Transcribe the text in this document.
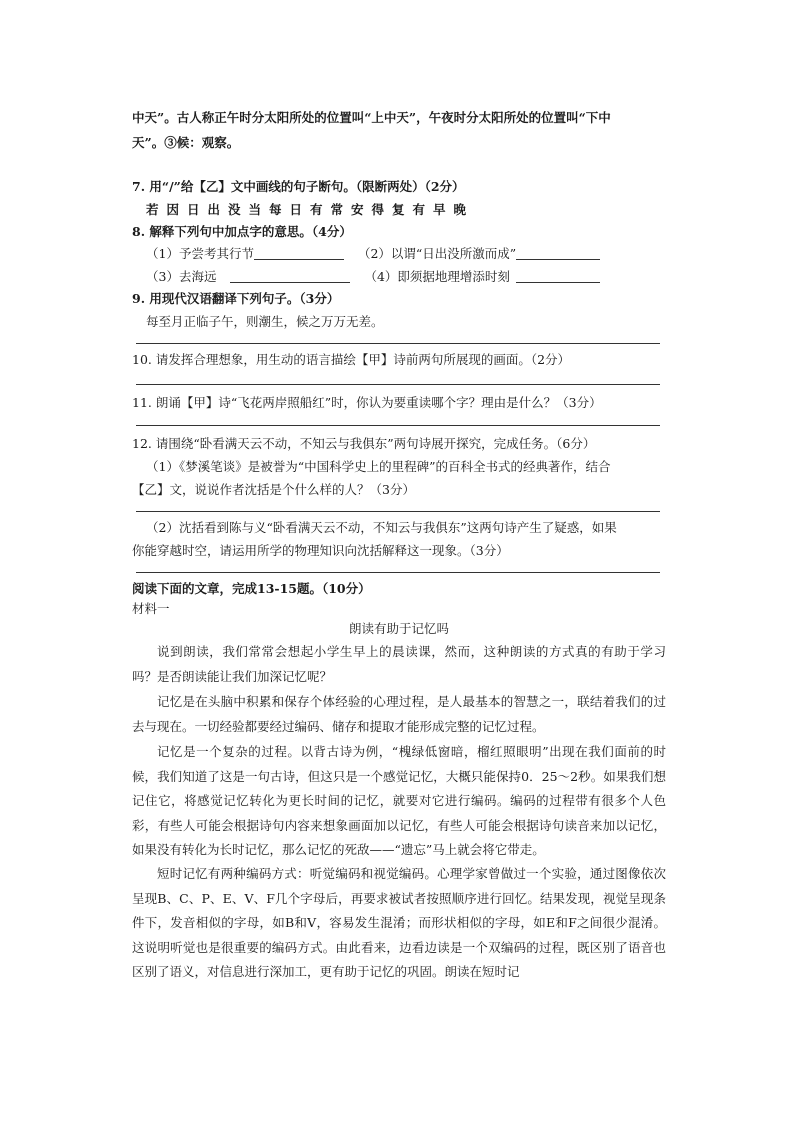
中天”。古人称正午时分太阳所处的位置叫“上中天”，午夜时分太阳所处的位置叫“下中
天”。③候：观察。
7. 用“/”给【乙】文中画线的句子断句。（限断两处）（2分）
若因日出没当每日有常安得复有早晚
8. 解释下列句中加点字的意思。（4分）
（1）予尝考其行节	（2）以谓“日出没所激而成”
（3）去海远	（4）即须据地理增添时刻
9. 用现代汉语翻译下列句子。（3分）
每至月正临子午，则潮生，候之万万无差。
10. 请发挥合理想象，用生动的语言描绘【甲】诗前两句所展现的画面。（2分）
11. 朗诵【甲】诗“飞花两岸照船红”时，你认为要重读哪个字？理由是什么？（3分）
12. 请围绕“卧看满天云不动，不知云与我俱东”两句诗展开探究，完成任务。（6分）
（1）《梦溪笔谈》是被誉为“中国科学史上的里程碑”的百科全书式的经典著作，结合
【乙】文，说说作者沈括是个什么样的人？（3分）
（2）沈括看到陈与义“卧看满天云不动，不知云与我俱东”这两句诗产生了疑惑，如果
你能穿越时空，请运用所学的物理知识向沈括解释这一现象。（3分）
阅读下面的文章，完成13-15题。（10分）
材料一
朗读有助于记忆吗
说到朗读，我们常常会想起小学生早上的晨读课，然而，这种朗读的方式真的有助于学习吗？是否朗读能让我们加深记忆呢？
记忆是在头脑中积累和保存个体经验的心理过程，是人最基本的智慧之一，联结着我们的过去与现在。一切经验都要经过编码、储存和提取才能形成完整的记忆过程。
记忆是一个复杂的过程。以背古诗为例，“槐绿低窗暗，榴红照眼明”出现在我们面前的时候，我们知道了这是一句古诗，但这只是一个感觉记忆，大概只能保持0．25～2秒。如果我们想记住它，将感觉记忆转化为更长时间的记忆，就要对它进行编码。编码的过程带有很多个人色彩，有些人可能会根据诗句内容来想象画面加以记忆，有些人可能会根据诗句读音来加以记忆，如果没有转化为长时记忆，那么记忆的死敌——“遗忘”马上就会将它带走。
短时记忆有两种编码方式：听觉编码和视觉编码。心理学家曾做过一个实验，通过图像依次呈现B、C、P、E、V、F几个字母后，再要求被试者按照顺序进行回忆。结果发现，视觉呈现条件下，发音相似的字母，如B和V，容易发生混淆；而形状相似的字母，如E和F之间很少混淆。这说明听觉也是很重要的编码方式。由此看来，边看边读是一个双编码的过程，既区别了语音也区别了语义，对信息进行深加工，更有助于记忆的巩固。朗读在短时记
